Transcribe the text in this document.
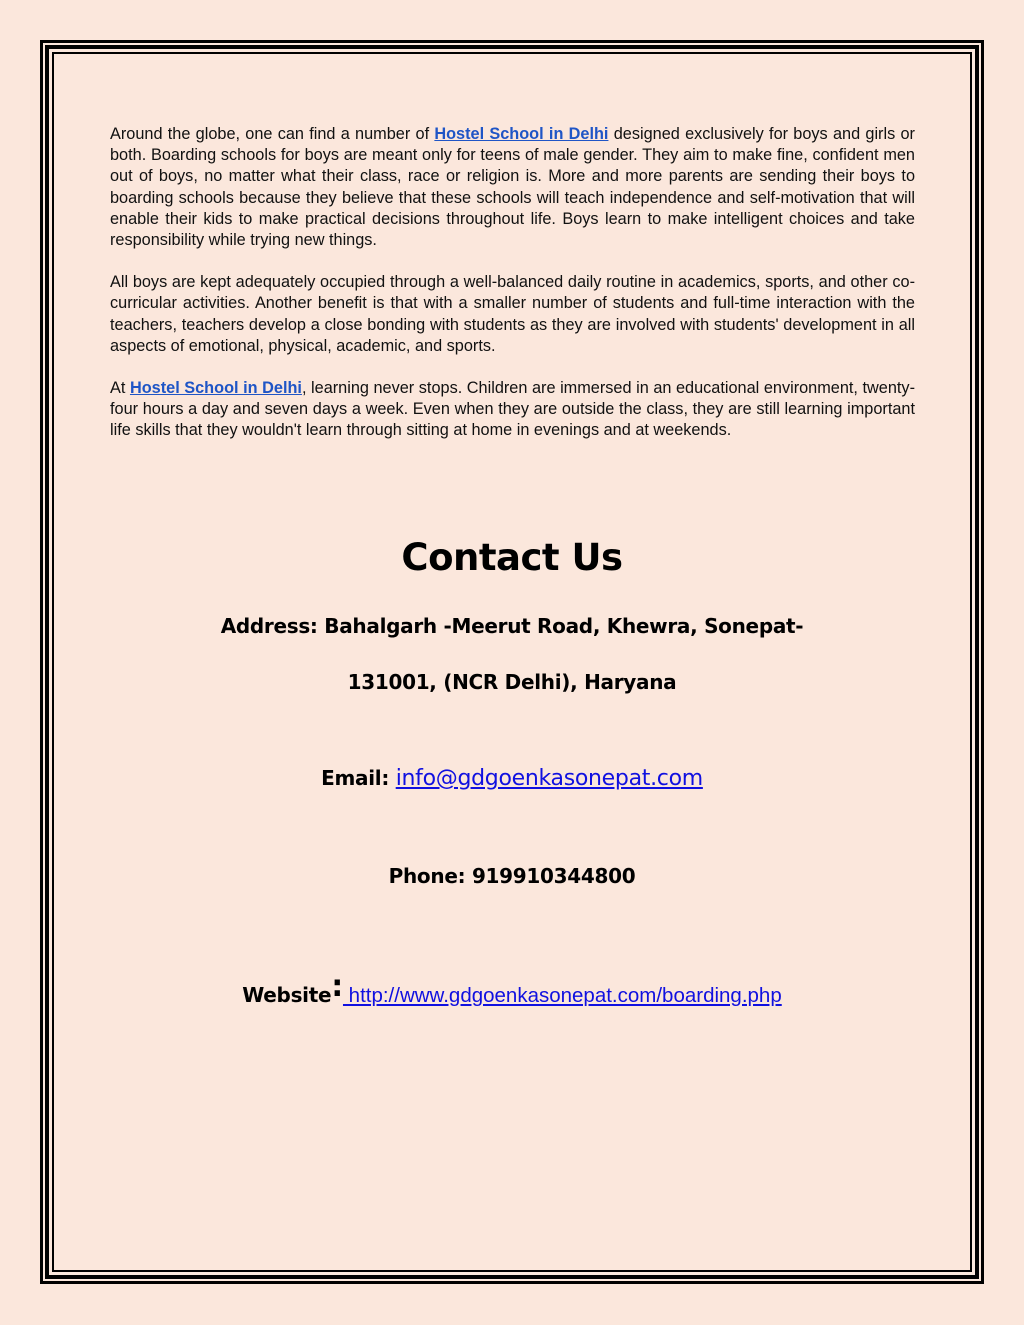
Around the globe, one can find a number of Hostel School in Delhi designed exclusively for boys and girls or both. Boarding schools for boys are meant only for teens of male gender. They aim to make fine, confident men out of boys, no matter what their class, race or religion is. More and more parents are sending their boys to boarding schools because they believe that these schools will teach independence and self-motivation that will enable their kids to make practical decisions throughout life. Boys learn to make intelligent choices and take responsibility while trying new things.

All boys are kept adequately occupied through a well-balanced daily routine in academics, sports, and other co-curricular activities. Another benefit is that with a smaller number of students and full-time interaction with the teachers, teachers develop a close bonding with students as they are involved with students' development in all aspects of emotional, physical, academic, and sports.

At Hostel School in Delhi, learning never stops. Children are immersed in an educational environment, twenty-four hours a day and seven days a week. Even when they are outside the class, they are still learning important life skills that they wouldn't learn through sitting at home in evenings and at weekends.

Contact Us
Address: Bahalgarh -Meerut Road, Khewra, Sonepat-
131001, (NCR Delhi), Haryana
Email: info@gdgoenkasonepat.com
Phone: 919910344800
Website: http://www.gdgoenkasonepat.com/boarding.php
